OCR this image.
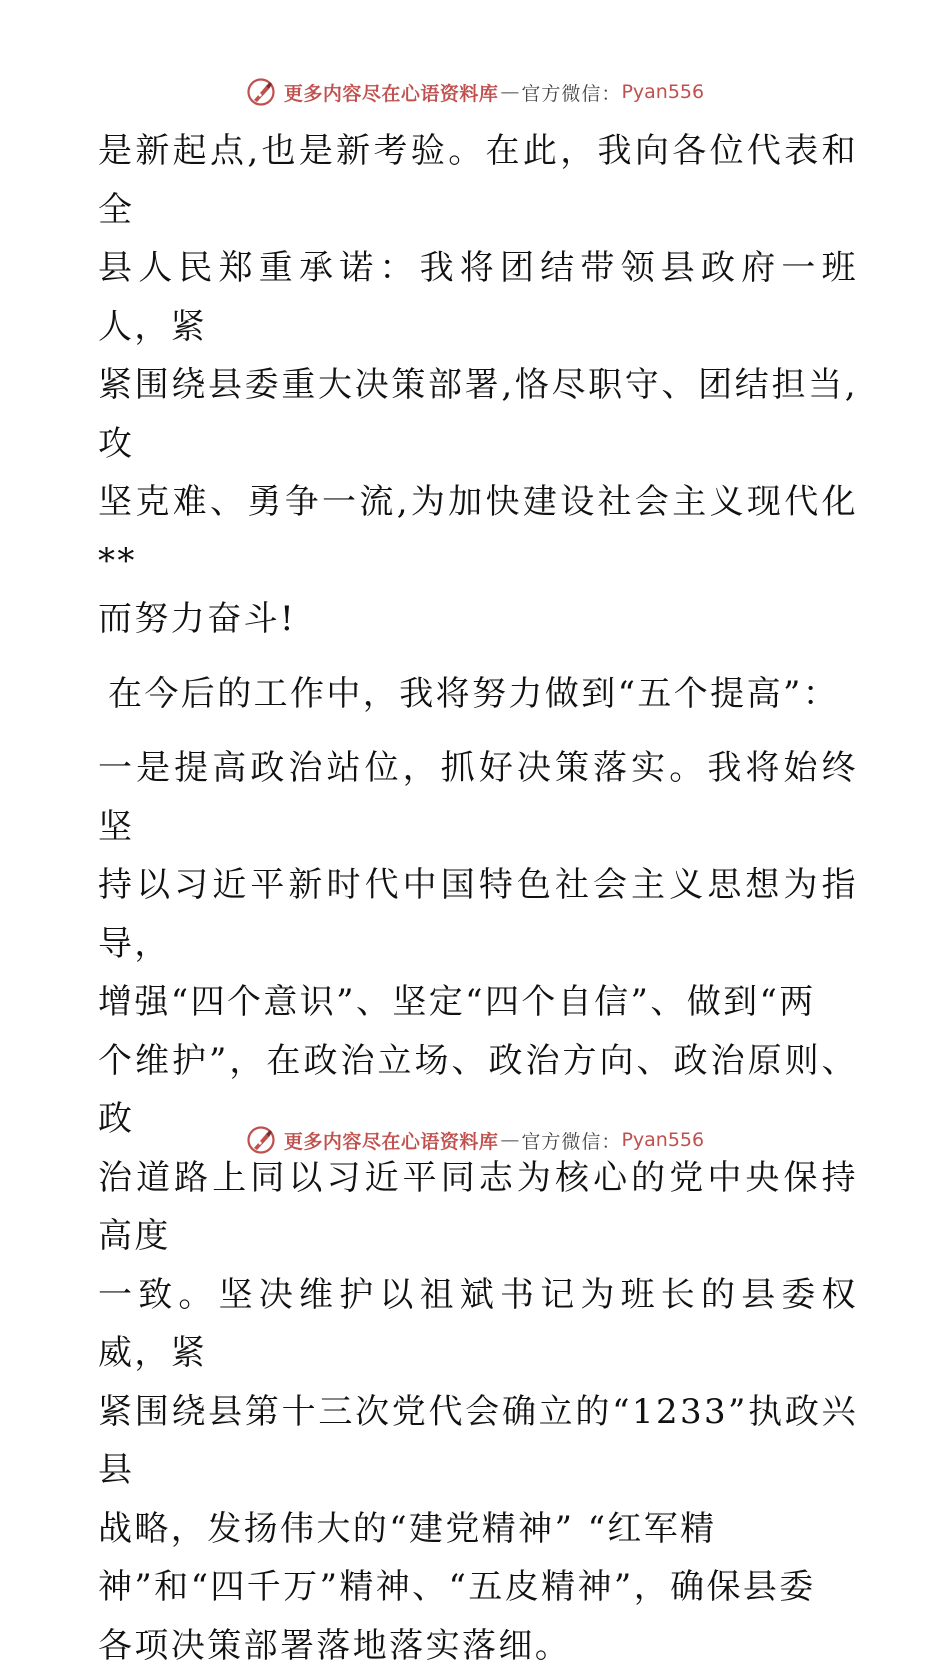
更多内容尽在心语资料库 — 官方微信： Pyan556
是新起点,也是新考验。在此，我向各位代表和全
县人民郑重承诺：我将团结带领县政府一班人，紧
紧围绕县委重大决策部署,恪尽职守、团结担当,攻
坚克难、勇争一流,为加快建设社会主义现代化**
而努力奋斗!
在今后的工作中，我将努力做到“五个提高”：
一是提高政治站位，抓好决策落实。我将始终坚
持以习近平新时代中国特色社会主义思想为指导，
增强“四个意识”、坚定“四个自信”、做到“两
个维护”，在政治立场、政治方向、政治原则、政
治道路上同以习近平同志为核心的党中央保持高度
一致。坚决维护以祖斌书记为班长的县委权威，紧
紧围绕县第十三次党代会确立的“1233”执政兴县
战略，发扬伟大的“建党精神” “红军精
神”和“四千万”精神、“五皮精神”，确保县委
各项决策部署落地落实落细。
更多内容尽在心语资料库 — 官方微信： Pyan556
